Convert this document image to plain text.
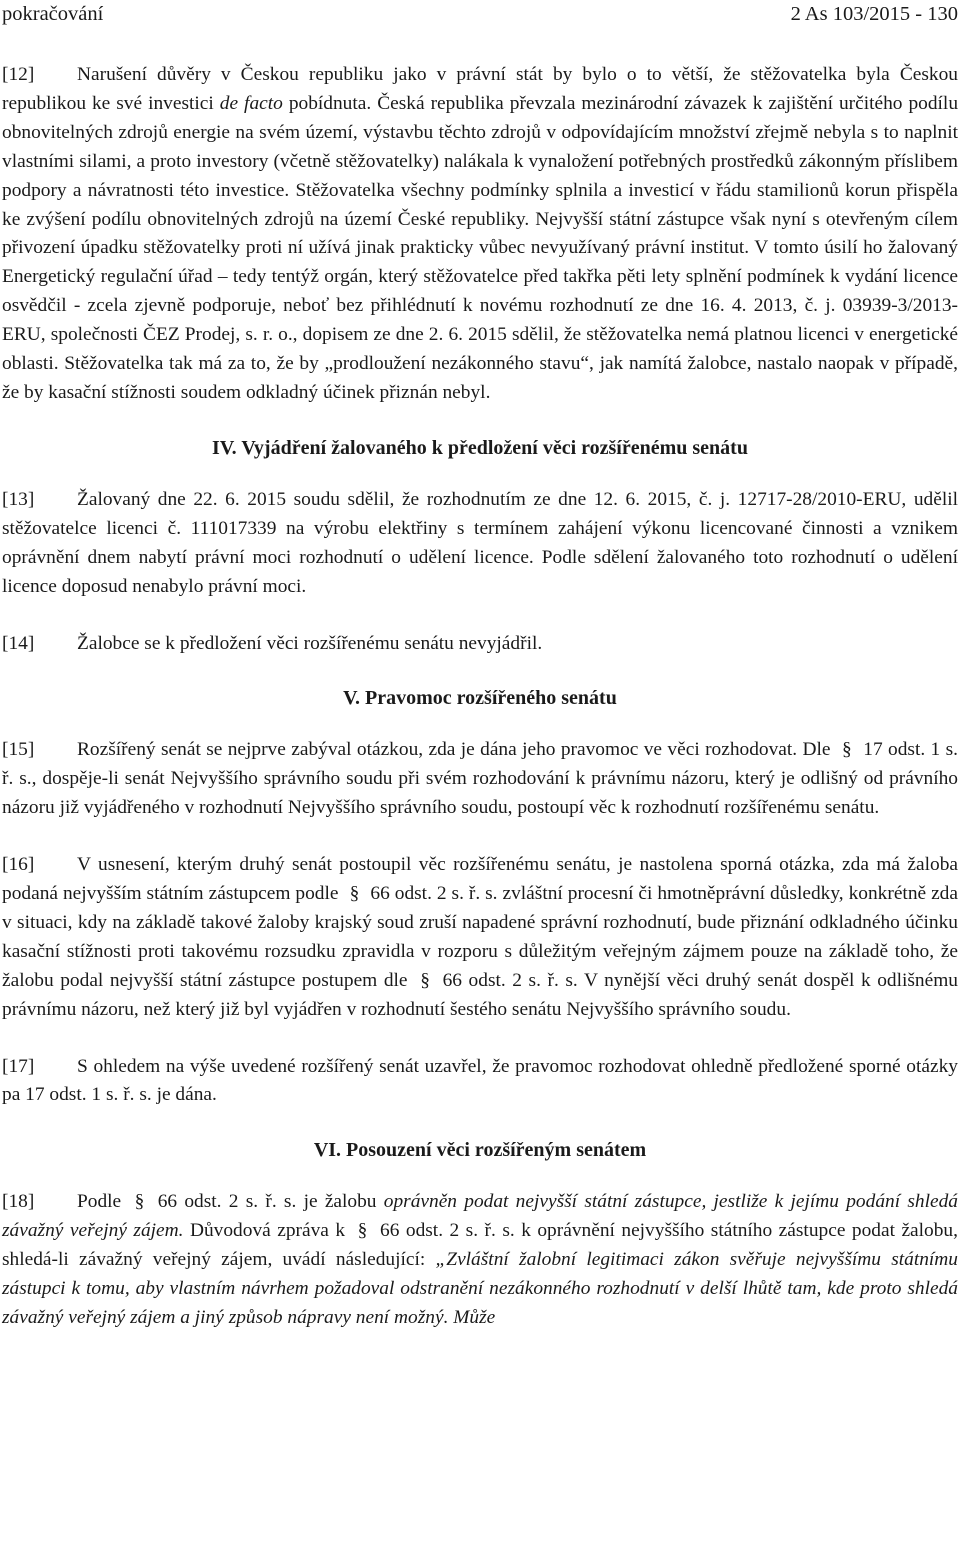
pokračování	2 As 103/2015 - 130

[12] Narušení důvěry v Českou republiku jako v právní stát by bylo o to větší, že stěžovatelka byla Českou republikou ke své investici de facto pobídnuta. Česká republika převzala mezinárodní závazek k zajištění určitého podílu obnovitelných zdrojů energie na svém území, výstavbu těchto zdrojů v odpovídajícím množství zřejmě nebyla s to naplnit vlastními silami, a proto investory (včetně stěžovatelky) nalákala k vynaložení potřebných prostředků zákonným příslibem podpory a návratnosti této investice. Stěžovatelka všechny podmínky splnila a investicí v řádu stamilionů korun přispěla ke zvýšení podílu obnovitelných zdrojů na území České republiky. Nejvyšší státní zástupce však nyní s otevřeným cílem přivození úpadku stěžovatelky proti ní užívá jinak prakticky vůbec nevyužívaný právní institut. V tomto úsilí ho žalovaný Energetický regulační úřad – tedy tentýž orgán, který stěžovatelce před takřka pěti lety splnění podmínek k vydání licence osvědčil - zcela zjevně podporuje, neboť bez přihlédnutí k novému rozhodnutí ze dne 16. 4. 2013, č. j. 03939-3/2013-ERU, společnosti ČEZ Prodej, s. r. o., dopisem ze dne 2. 6. 2015 sdělil, že stěžovatelka nemá platnou licenci v energetické oblasti. Stěžovatelka tak má za to, že by „prodloužení nezákonného stavu“, jak namítá žalobce, nastalo naopak v případě, že by kasační stížnosti soudem odkladný účinek přiznán nebyl.

IV. Vyjádření žalovaného k předložení věci rozšířenému senátu

[13] Žalovaný dne 22. 6. 2015 soudu sdělil, že rozhodnutím ze dne 12. 6. 2015, č. j. 12717-28/2010-ERU, udělil stěžovatelce licenci č. 111017339 na výrobu elektřiny s termínem zahájení výkonu licencované činnosti a vznikem oprávnění dnem nabytí právní moci rozhodnutí o udělení licence. Podle sdělení žalovaného toto rozhodnutí o udělení licence doposud nenabylo právní moci.

[14] Žalobce se k předložení věci rozšířenému senátu nevyjádřil.

V. Pravomoc rozšířeného senátu

[15] Rozšířený senát se nejprve zabýval otázkou, zda je dána jeho pravomoc ve věci rozhodovat. Dle § 17 odst. 1 s. ř. s., dospěje-li senát Nejvyššího správního soudu při svém rozhodování k právnímu názoru, který je odlišný od právního názoru již vyjádřeného v rozhodnutí Nejvyššího správního soudu, postoupí věc k rozhodnutí rozšířenému senátu.

[16] V usnesení, kterým druhý senát postoupil věc rozšířenému senátu, je nastolena sporná otázka, zda má žaloba podaná nejvyšším státním zástupcem podle § 66 odst. 2 s. ř. s. zvláštní procesní či hmotněprávní důsledky, konkrétně zda v situaci, kdy na základě takové žaloby krajský soud zruší napadené správní rozhodnutí, bude přiznání odkladného účinku kasační stížnosti proti takovému rozsudku zpravidla v rozporu s důležitým veřejným zájmem pouze na základě toho, že žalobu podal nejvyšší státní zástupce postupem dle § 66 odst. 2 s. ř. s. V nynější věci druhý senát dospěl k odlišnému právnímu názoru, než který již byl vyjádřen v rozhodnutí šestého senátu Nejvyššího správního soudu.

[17] S ohledem na výše uvedené rozšířený senát uzavřel, že pravomoc rozhodovat ohledně předložené sporné otázky pa 17 odst. 1 s. ř. s. je dána.

VI. Posouzení věci rozšířeným senátem

[18] Podle § 66 odst. 2 s. ř. s. je žalobu oprávněn podat nejvyšší státní zástupce, jestliže k jejímu podání shledá závažný veřejný zájem. Důvodová zpráva k § 66 odst. 2 s. ř. s. k oprávnění nejvyššího státního zástupce podat žalobu, shledá-li závažný veřejný zájem, uvádí následující: „Zvláštní žalobní legitimaci zákon svěřuje nejvyššímu státnímu zástupci k tomu, aby vlastním návrhem požadoval odstranění nezákonného rozhodnutí v delší lhůtě tam, kde proto shledá závažný veřejný zájem a jiný způsob nápravy není možný. Může
